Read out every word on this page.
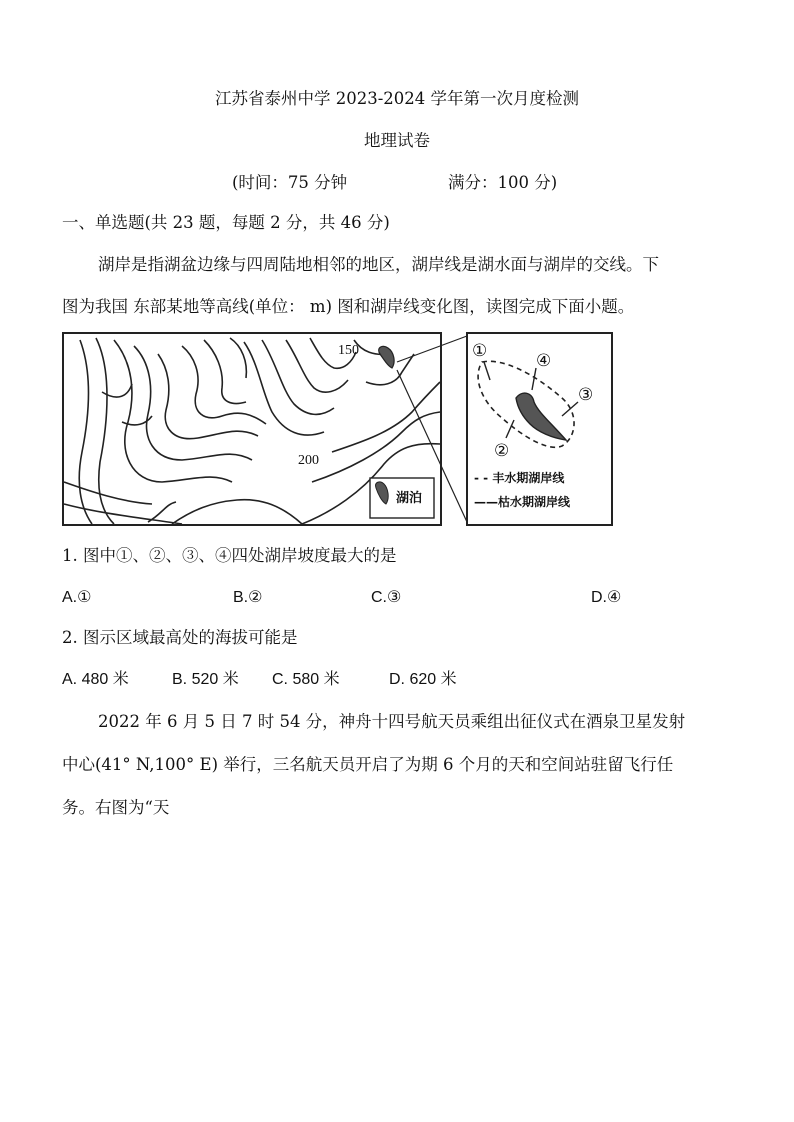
江苏省泰州中学 2023-2024 学年第一次月度检测
地理试卷
(时间：75 分钟	满分：100 分)
一、单选题(共 23 题，每题 2 分，共 46 分)
湖岸是指湖盆边缘与四周陆地相邻的地区，湖岸线是湖水面与湖岸的交线。下
图为我国 东部某地等高线(单位： m) 图和湖岸线变化图，读图完成下面小题。
150
200
湖泊
①	④
③
②
- - 丰水期湖岸线
——枯水期湖岸线
1. 图中①、②、③、④四处湖岸坡度最大的是
A.①	B.②	C.③	D.④
2. 图示区域最高处的海拔可能是
A. 480 米	B. 520 米 C. 580 米	D. 620 米
2022 年 6 月 5 日 7 时 54 分，神舟十四号航天员乘组出征仪式在酒泉卫星发射
中心(41° N,100° E) 举行，三名航天员开启了为期 6 个月的天和空间站驻留飞行任
务。右图为“天
